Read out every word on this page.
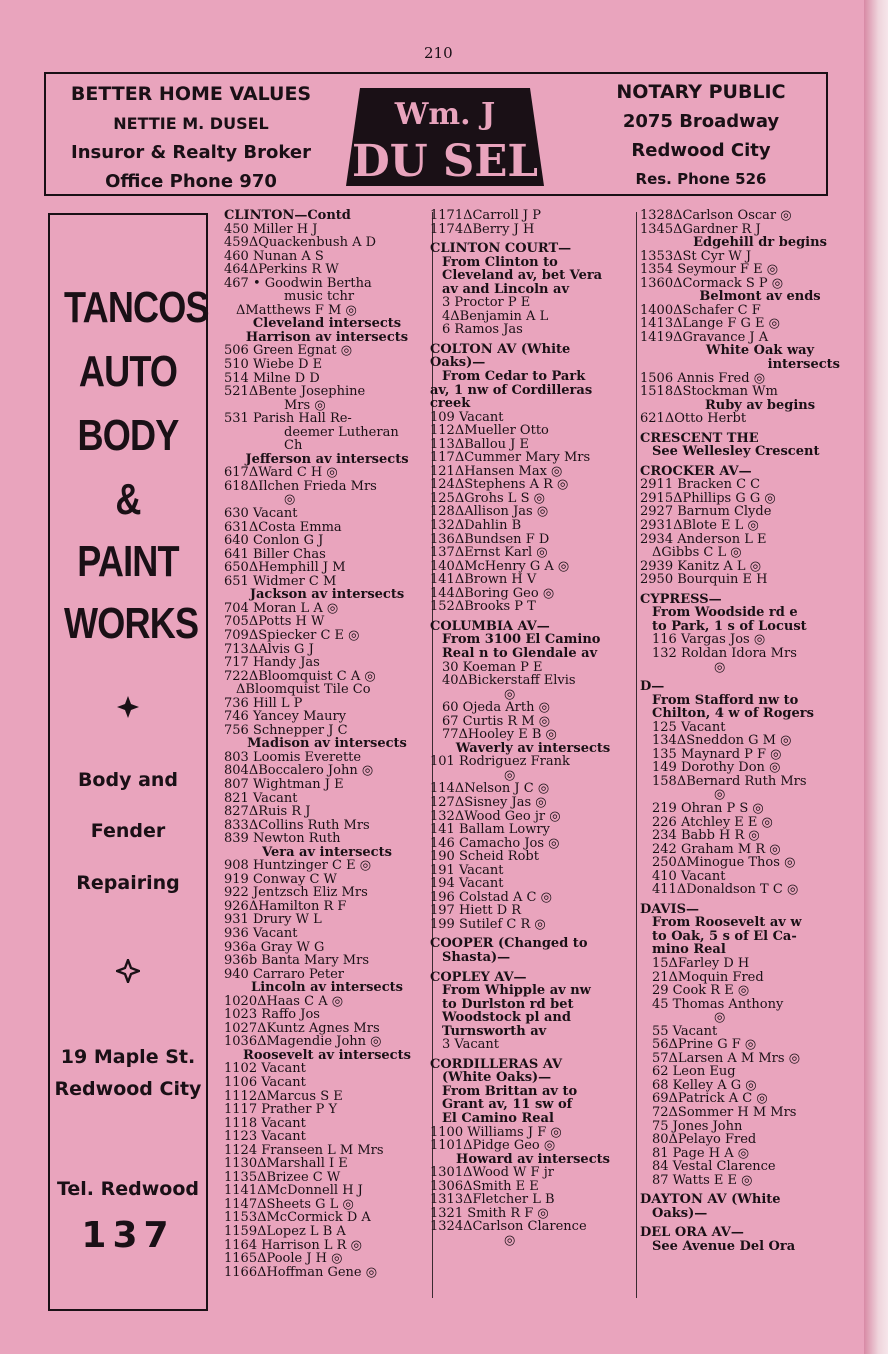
210
BETTER HOME VALUES
NETTIE M. DUSEL
Insuror & Realty Broker
Office Phone 970
Wm. J
DU SEL
NOTARY PUBLIC
2075 Broadway
Redwood City
Res. Phone 526
TANCOS
AUTO
BODY
&
PAINT
WORKS
Body and
Fender
Repairing
19 Maple St.
Redwood City
Tel. Redwood
137
CLINTON—Contd
450 Miller H J
459ΔQuackenbush A D
460 Nunan A S
464ΔPerkins R W
467 • Goodwin Bertha
music tchr
ΔMatthews F M ◎
Cleveland intersects
Harrison av intersects
506 Green Egnat ◎
510 Wiebe D E
514 Milne D D
521ΔBente Josephine
Mrs ◎
531 Parish Hall Re-
deemer Lutheran
Ch
Jefferson av intersects
617ΔWard C H ◎
618ΔIlchen Frieda Mrs
◎
630 Vacant
631ΔCosta Emma
640 Conlon G J
641 Biller Chas
650ΔHemphill J M
651 Widmer C M
Jackson av intersects
704 Moran L A ◎
705ΔPotts H W
709ΔSpiecker C E ◎
713ΔAlvis G J
717 Handy Jas
722ΔBloomquist C A ◎
ΔBloomquist Tile Co
736 Hill L P
746 Yancey Maury
756 Schnepper J C
Madison av intersects
803 Loomis Everette
804ΔBoccalero John ◎
807 Wightman J E
821 Vacant
827ΔRuis R J
833ΔCollins Ruth Mrs
839 Newton Ruth
Vera av intersects
908 Huntzinger C E ◎
919 Conway C W
922 Jentzsch Eliz Mrs
926ΔHamilton R F
931 Drury W L
936 Vacant
936a Gray W G
936b Banta Mary Mrs
940 Carraro Peter
Lincoln av intersects
1020ΔHaas C A ◎
1023 Raffo Jos
1027ΔKuntz Agnes Mrs
1036ΔMagendie John ◎
Roosevelt av intersects
1102 Vacant
1106 Vacant
1112ΔMarcus S E
1117 Prather P Y
1118 Vacant
1123 Vacant
1124 Franseen L M Mrs
1130ΔMarshall I E
1135ΔBrizee C W
1141ΔMcDonnell H J
1147ΔSheets G L ◎
1153ΔMcCormick D A
1159ΔLopez L B A
1164 Harrison L R ◎
1165ΔPoole J H ◎
1166ΔHoffman Gene ◎
1171ΔCarroll J P
1174ΔBerry J H
CLINTON COURT—
From Clinton to
Cleveland av, bet Vera
av and Lincoln av
3 Proctor P E
4ΔBenjamin A L
6 Ramos Jas
COLTON AV (White
Oaks)—
From Cedar to Park
av, 1 nw of Cordilleras
creek
109 Vacant
112ΔMueller Otto
113ΔBallou J E
117ΔCummer Mary Mrs
121ΔHansen Max ◎
124ΔStephens A R ◎
125ΔGrohs L S ◎
128ΔAllison Jas ◎
132ΔDahlin B
136ΔBundsen F D
137ΔErnst Karl ◎
140ΔMcHenry G A ◎
141ΔBrown H V
144ΔBoring Geo ◎
152ΔBrooks P T
COLUMBIA AV—
From 3100 El Camino
Real n to Glendale av
30 Koeman P E
40ΔBickerstaff Elvis
◎
60 Ojeda Arth ◎
67 Curtis R M ◎
77ΔHooley E B ◎
Waverly av intersects
101 Rodriguez Frank
◎
114ΔNelson J C ◎
127ΔSisney Jas ◎
132ΔWood Geo jr ◎
141 Ballam Lowry
146 Camacho Jos ◎
190 Scheid Robt
191 Vacant
194 Vacant
196 Colstad A C ◎
197 Hiett D R
199 Sutilef C R ◎
COOPER (Changed to
Shasta)—
COPLEY AV—
From Whipple av nw
to Durlston rd bet
Woodstock pl and
Turnsworth av
3 Vacant
CORDILLERAS AV
(White Oaks)—
From Brittan av to
Grant av, 11 sw of
El Camino Real
1100 Williams J F ◎
1101ΔPidge Geo ◎
Howard av intersects
1301ΔWood W F jr
1306ΔSmith E E
1313ΔFletcher L B
1321 Smith R F ◎
1324ΔCarlson Clarence
◎
1328ΔCarlson Oscar ◎
1345ΔGardner R J
Edgehill dr begins
1353ΔSt Cyr W J
1354 Seymour F E ◎
1360ΔCormack S P ◎
Belmont av ends
1400ΔSchafer C F
1413ΔLange F G E ◎
1419ΔGravance J A
White Oak way
intersects
1506 Annis Fred ◎
1518ΔStockman Wm
Ruby av begins
621ΔOtto Herbt
CRESCENT THE
See Wellesley Crescent
CROCKER AV—
2911 Bracken C C
2915ΔPhillips G G ◎
2927 Barnum Clyde
2931ΔBlote E L ◎
2934 Anderson L E
ΔGibbs C L ◎
2939 Kanitz A L ◎
2950 Bourquin E H
CYPRESS—
From Woodside rd e
to Park, 1 s of Locust
116 Vargas Jos ◎
132 Roldan Idora Mrs
◎
D—
From Stafford nw to
Chilton, 4 w of Rogers
125 Vacant
134ΔSneddon G M ◎
135 Maynard P F ◎
149 Dorothy Don ◎
158ΔBernard Ruth Mrs
◎
219 Ohran P S ◎
226 Atchley E E ◎
234 Babb H R ◎
242 Graham M R ◎
250ΔMinogue Thos ◎
410 Vacant
411ΔDonaldson T C ◎
DAVIS—
From Roosevelt av w
to Oak, 5 s of El Ca-
mino Real
15ΔFarley D H
21ΔMoquin Fred
29 Cook R E ◎
45 Thomas Anthony
◎
55 Vacant
56ΔPrine G F ◎
57ΔLarsen A M Mrs ◎
62 Leon Eug
68 Kelley A G ◎
69ΔPatrick A C ◎
72ΔSommer H M Mrs
75 Jones John
80ΔPelayo Fred
81 Page H A ◎
84 Vestal Clarence
87 Watts E E ◎
DAYTON AV (White
Oaks)—
DEL ORA AV—
See Avenue Del Ora
